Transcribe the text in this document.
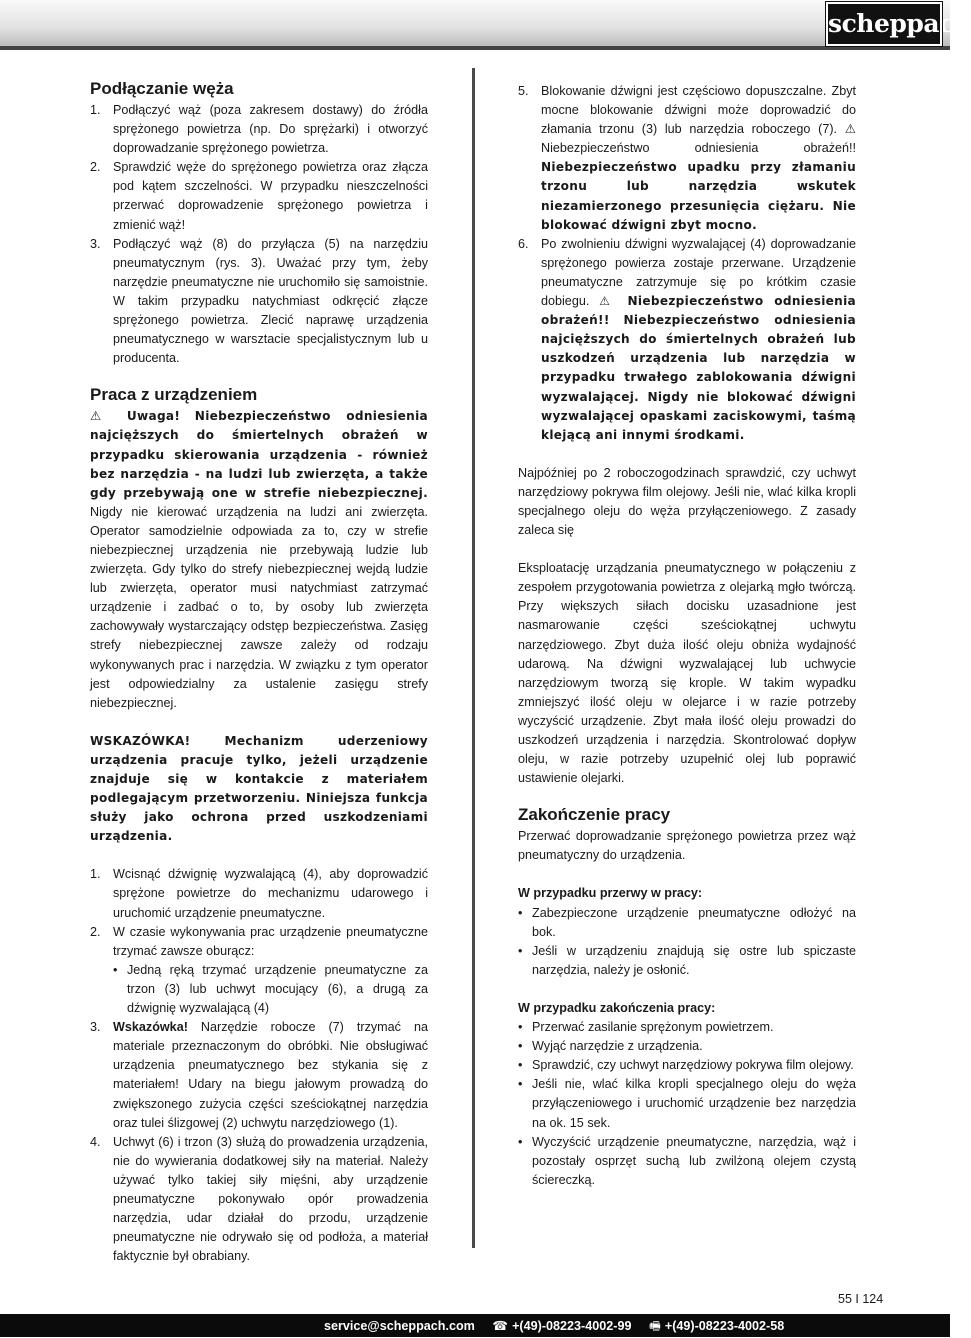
scheppach
Podłączanie węża
1. Podłączyć wąż (poza zakresem dostawy) do źródła sprężonego powietrza (np. Do sprężarki) i otworzyć doprowadzanie sprężonego powietrza.
2. Sprawdzić węże do sprężonego powietrza oraz złącza pod kątem szczelności. W przypadku nieszczelności przerwać doprowadzenie sprężonego powietrza i zmienić wąż!
3. Podłączyć wąż (8) do przyłącza (5) na narzędziu pneumatycznym (rys. 3). Uważać przy tym, żeby narzędzie pneumatyczne nie uruchomiło się samoistnie. W takim przypadku natychmiast odkręcić złącze sprężonego powietrza. Zlecić naprawę urządzenia pneumatycznego w warsztacie specjalistycznym lub u producenta.
Praca z urządzeniem

⚠ Uwaga! Niebezpieczeństwo odniesienia najcięższych do śmiertelnych obrażeń w przypadku skierowania urządzenia - również bez narzędzia - na ludzi lub zwierzęta, a także gdy przebywają one w strefie niebezpiecznej. Nigdy nie kierować urządzenia na ludzi ani zwierzęta. Operator samodzielnie odpowiada za to, czy w strefie niebezpiecznej urządzenia nie przebywają ludzie lub zwierzęta. Gdy tylko do strefy niebezpiecznej wejdą ludzie lub zwierzęta, operator musi natychmiast zatrzymać urządzenie i zadbać o to, by osoby lub zwierzęta zachowywały wystarczający odstęp bezpieczeństwa. Zasięg strefy niebezpiecznej zawsze zależy od rodzaju wykonywanych prac i narzędzia. W związku z tym operator jest odpowiedzialny za ustalenie zasięgu strefy niebezpiecznej.

WSKAZÓWKA! Mechanizm uderzeniowy urządzenia pracuje tylko, jeżeli urządzenie znajduje się w kontakcie z materiałem podlegającym przetworzeniu. Niniejsza funkcja służy jako ochrona przed uszkodzeniami urządzenia.

1. Wcisnąć dźwignię wyzwalającą (4), aby doprowadzić sprężone powietrze do mechanizmu udarowego i uruchomić urządzenie pneumatyczne.
2. W czasie wykonywania prac urządzenie pneumatyczne trzymać zawsze oburącz:
• Jedną ręką trzymać urządzenie pneumatyczne za trzon (3) lub uchwyt mocujący (6), a drugą za dźwignię wyzwalającą (4)
3. Wskazówka! Narzędzie robocze (7) trzymać na materiale przeznaczonym do obróbki. Nie obsługiwać urządzenia pneumatycznego bez stykania się z materiałem! Udary na biegu jałowym prowadzą do zwiększonego zużycia części sześciokątnej narzędzia oraz tulei ślizgowej (2) uchwytu narzędziowego (1).
4. Uchwyt (6) i trzon (3) służą do prowadzenia urządzenia, nie do wywierania dodatkowej siły na materiał. Należy używać tylko takiej siły mięśni, aby urządzenie pneumatyczne pokonywało opór prowadzenia narzędzia, udar działał do przodu, urządzenie pneumatyczne nie odrywało się od podłoża, a materiał faktycznie był obrabiany.
5. Blokowanie dźwigni jest częściowo dopuszczalne. Zbyt mocne blokowanie dźwigni może doprowadzić do złamania trzonu (3) lub narzędzia roboczego (7). ⚠ Niebezpieczeństwo odniesienia obrażeń!! Niebezpieczeństwo upadku przy złamaniu trzonu lub narzędzia wskutek niezamierzonego przesunięcia ciężaru. Nie blokować dźwigni zbyt mocno.
6. Po zwolnieniu dźwigni wyzwalającej (4) doprowadzanie sprężonego powierza zostaje przerwane. Urządzenie pneumatyczne zatrzymuje się po krótkim czasie dobiegu. ⚠ Niebezpieczeństwo odniesienia obrażeń!! Niebezpieczeństwo odniesienia najcięższych do śmiertelnych obrażeń lub uszkodzeń urządzenia lub narzędzia w przypadku trwałego zablokowania dźwigni wyzwalającej. Nigdy nie blokować dźwigni wyzwalającej opaskami zaciskowymi, taśmą klejącą ani innymi środkami.

Najpóźniej po 2 roboczogodzinach sprawdzić, czy uchwyt narzędziowy pokrywa film olejowy. Jeśli nie, wlać kilka kropli specjalnego oleju do węża przyłączeniowego. Z zasady zaleca się

Eksploatację urządzania pneumatycznego w połączeniu z zespołem przygotowania powietrza z olejarką mgło twórczą. Przy większych siłach docisku uzasadnione jest nasmarowanie części sześciokątnej uchwytu narzędziowego. Zbyt duża ilość oleju obniża wydajność udarową. Na dźwigni wyzwalającej lub uchwycie narzędziowym tworzą się krople. W takim wypadku zmniejszyć ilość oleju w olejarce i w razie potrzeby wyczyścić urządzenie. Zbyt mała ilość oleju prowadzi do uszkodzeń urządzenia i narzędzia. Skontrolować dopływ oleju, w razie potrzeby uzupełnić olej lub poprawić ustawienie olejarki.

Zakończenie pracy

Przerwać doprowadzanie sprężonego powietrza przez wąż pneumatyczny do urządzenia.

W przypadku przerwy w pracy:

• Zabezpieczone urządzenie pneumatyczne odłożyć na bok.
• Jeśli w urządzeniu znajdują się ostre lub spiczaste narzędzia, należy je osłonić.

W przypadku zakończenia pracy:

• Przerwać zasilanie sprężonym powietrzem.
• Wyjąć narzędzie z urządzenia.
• Sprawdzić, czy uchwyt narzędziowy pokrywa film olejowy.
• Jeśli nie, wlać kilka kropli specjalnego oleju do węża przyłączeniowego i uruchomić urządzenie bez narzędzia na ok. 15 sek.
• Wyczyścić urządzenie pneumatyczne, narzędzia, wąż i pozostały osprzęt suchą lub zwilżoną olejem czystą ściereczką.
55 I 124
service@scheppach.com ☎ +(49)-08223-4002-99 🖷 +(49)-08223-4002-58
